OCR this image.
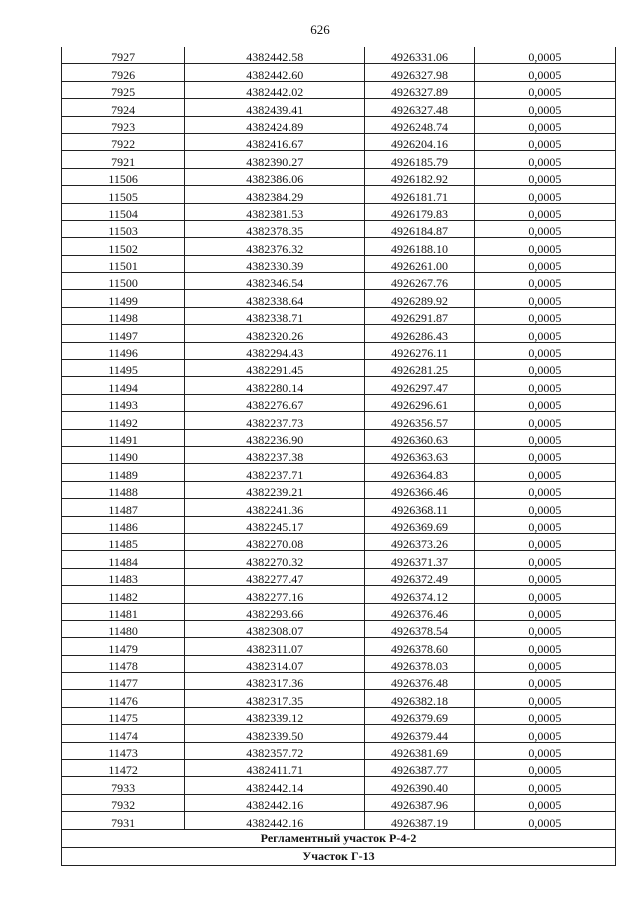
626
7927	4382442.58	4926331.06	0,0005
7926	4382442.60	4926327.98	0,0005
7925	4382442.02	4926327.89	0,0005
7924	4382439.41	4926327.48	0,0005
7923	4382424.89	4926248.74	0,0005
7922	4382416.67	4926204.16	0,0005
7921	4382390.27	4926185.79	0,0005
11506	4382386.06	4926182.92	0,0005
11505	4382384.29	4926181.71	0,0005
11504	4382381.53	4926179.83	0,0005
11503	4382378.35	4926184.87	0,0005
11502	4382376.32	4926188.10	0,0005
11501	4382330.39	4926261.00	0,0005
11500	4382346.54	4926267.76	0,0005
11499	4382338.64	4926289.92	0,0005
11498	4382338.71	4926291.87	0,0005
11497	4382320.26	4926286.43	0,0005
11496	4382294.43	4926276.11	0,0005
11495	4382291.45	4926281.25	0,0005
11494	4382280.14	4926297.47	0,0005
11493	4382276.67	4926296.61	0,0005
11492	4382237.73	4926356.57	0,0005
11491	4382236.90	4926360.63	0,0005
11490	4382237.38	4926363.63	0,0005
11489	4382237.71	4926364.83	0,0005
11488	4382239.21	4926366.46	0,0005
11487	4382241.36	4926368.11	0,0005
11486	4382245.17	4926369.69	0,0005
11485	4382270.08	4926373.26	0,0005
11484	4382270.32	4926371.37	0,0005
11483	4382277.47	4926372.49	0,0005
11482	4382277.16	4926374.12	0,0005
11481	4382293.66	4926376.46	0,0005
11480	4382308.07	4926378.54	0,0005
11479	4382311.07	4926378.60	0,0005
11478	4382314.07	4926378.03	0,0005
11477	4382317.36	4926376.48	0,0005
11476	4382317.35	4926382.18	0,0005
11475	4382339.12	4926379.69	0,0005
11474	4382339.50	4926379.44	0,0005
11473	4382357.72	4926381.69	0,0005
11472	4382411.71	4926387.77	0,0005
7933	4382442.14	4926390.40	0,0005
7932	4382442.16	4926387.96	0,0005
7931	4382442.16	4926387.19	0,0005
Регламентный участок Р-4-2			
Участок Г-13			
